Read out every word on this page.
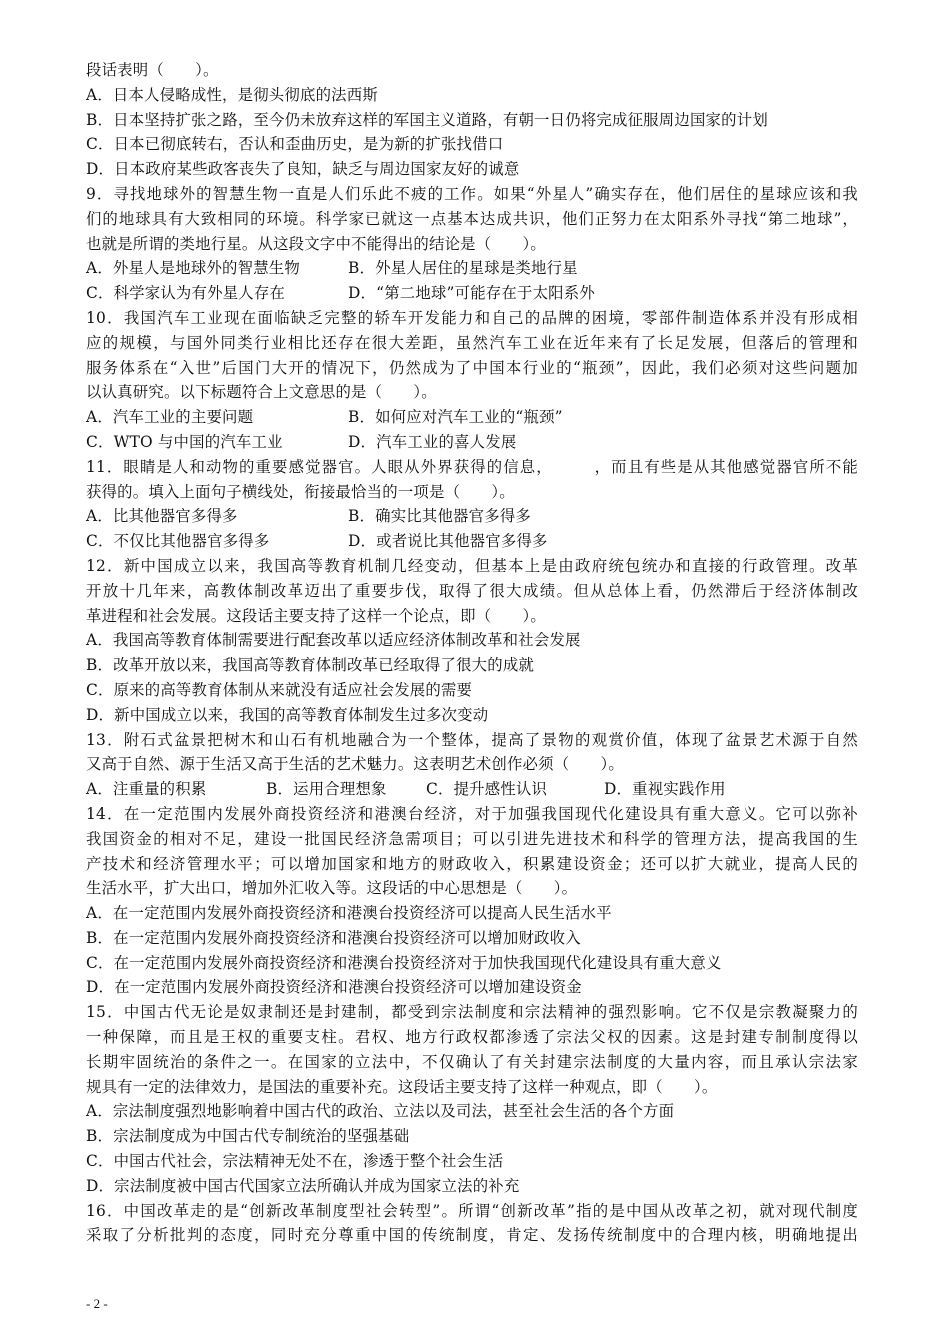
段话表明（　　）。
A．日本人侵略成性，是彻头彻底的法西斯
B．日本坚持扩张之路，至今仍未放弃这样的军国主义道路，有朝一日仍将完成征服周边国家的计划
C．日本已彻底转右，否认和歪曲历史，是为新的扩张找借口
D．日本政府某些政客丧失了良知，缺乏与周边国家友好的诚意
9．寻找地球外的智慧生物一直是人们乐此不疲的工作。如果“外星人”确实存在，他们居住的星球应该和我
们的地球具有大致相同的环境。科学家已就这一点基本达成共识，他们正努力在太阳系外寻找“第二地球”，
也就是所谓的类地行星。从这段文字中不能得出的结论是（　　）。
A．外星人是地球外的智慧生物	B．外星人居住的星球是类地行星
C．科学家认为有外星人存在	D．“第二地球”可能存在于太阳系外
10．我国汽车工业现在面临缺乏完整的轿车开发能力和自己的品牌的困境，零部件制造体系并没有形成相
应的规模，与国外同类行业相比还存在很大差距，虽然汽车工业在近年来有了长足发展，但落后的管理和
服务体系在“入世”后国门大开的情况下，仍然成为了中国本行业的“瓶颈”，因此，我们必须对这些问题加
以认真研究。以下标题符合上文意思的是（　　）。
A．汽车工业的主要问题	B．如何应对汽车工业的“瓶颈”
C．WTO 与中国的汽车工业	D．汽车工业的喜人发展
11．眼睛是人和动物的重要感觉器官。人眼从外界获得的信息，　　　，而且有些是从其他感觉器官所不能
获得的。填入上面句子横线处，衔接最恰当的一项是（　　）。
A．比其他器官多得多	B．确实比其他器官多得多
C．不仅比其他器官多得多	D．或者说比其他器官多得多
12．新中国成立以来，我国高等教育机制几经变动，但基本上是由政府统包统办和直接的行政管理。改革
开放十几年来，高教体制改革迈出了重要步伐，取得了很大成绩。但从总体上看，仍然滞后于经济体制改
革进程和社会发展。这段话主要支持了这样一个论点，即（　　）。
A．我国高等教育体制需要进行配套改革以适应经济体制改革和社会发展
B．改革开放以来，我国高等教育体制改革已经取得了很大的成就
C．原来的高等教育体制从来就没有适应社会发展的需要
D．新中国成立以来，我国的高等教育体制发生过多次变动
13．附石式盆景把树木和山石有机地融合为一个整体，提高了景物的观赏价值，体现了盆景艺术源于自然
又高于自然、源于生活又高于生活的艺术魅力。这表明艺术创作必须（　　）。
A．注重量的积累	B．运用合理想象	C．提升感性认识	D．重视实践作用
14．在一定范围内发展外商投资经济和港澳台经济，对于加强我国现代化建设具有重大意义。它可以弥补
我国资金的相对不足，建设一批国民经济急需项目；可以引进先进技术和科学的管理方法，提高我国的生
产技术和经济管理水平；可以增加国家和地方的财政收入，积累建设资金；还可以扩大就业，提高人民的
生活水平，扩大出口，增加外汇收入等。这段话的中心思想是（　　）。
A．在一定范围内发展外商投资经济和港澳台投资经济可以提高人民生活水平
B．在一定范围内发展外商投资经济和港澳台投资经济可以增加财政收入
C．在一定范围内发展外商投资经济和港澳台投资经济对于加快我国现代化建设具有重大意义
D．在一定范围内发展外商投资经济和港澳台投资经济可以增加建设资金
15．中国古代无论是奴隶制还是封建制，都受到宗法制度和宗法精神的强烈影响。它不仅是宗教凝聚力的
一种保障，而且是王权的重要支柱。君权、地方行政权都渗透了宗法父权的因素。这是封建专制制度得以
长期牢固统治的条件之一。在国家的立法中，不仅确认了有关封建宗法制度的大量内容，而且承认宗法家
规具有一定的法律效力，是国法的重要补充。这段话主要支持了这样一种观点，即（　　）。
A．宗法制度强烈地影响着中国古代的政治、立法以及司法，甚至社会生活的各个方面
B．宗法制度成为中国古代专制统治的坚强基础
C．中国古代社会，宗法精神无处不在，渗透于整个社会生活
D．宗法制度被中国古代国家立法所确认并成为国家立法的补充
16．中国改革走的是“创新改革制度型社会转型”。所谓“创新改革”指的是中国从改革之初，就对现代制度
采取了分析批判的态度，同时充分尊重中国的传统制度，肯定、发扬传统制度中的合理内核，明确地提出
- 2 -
